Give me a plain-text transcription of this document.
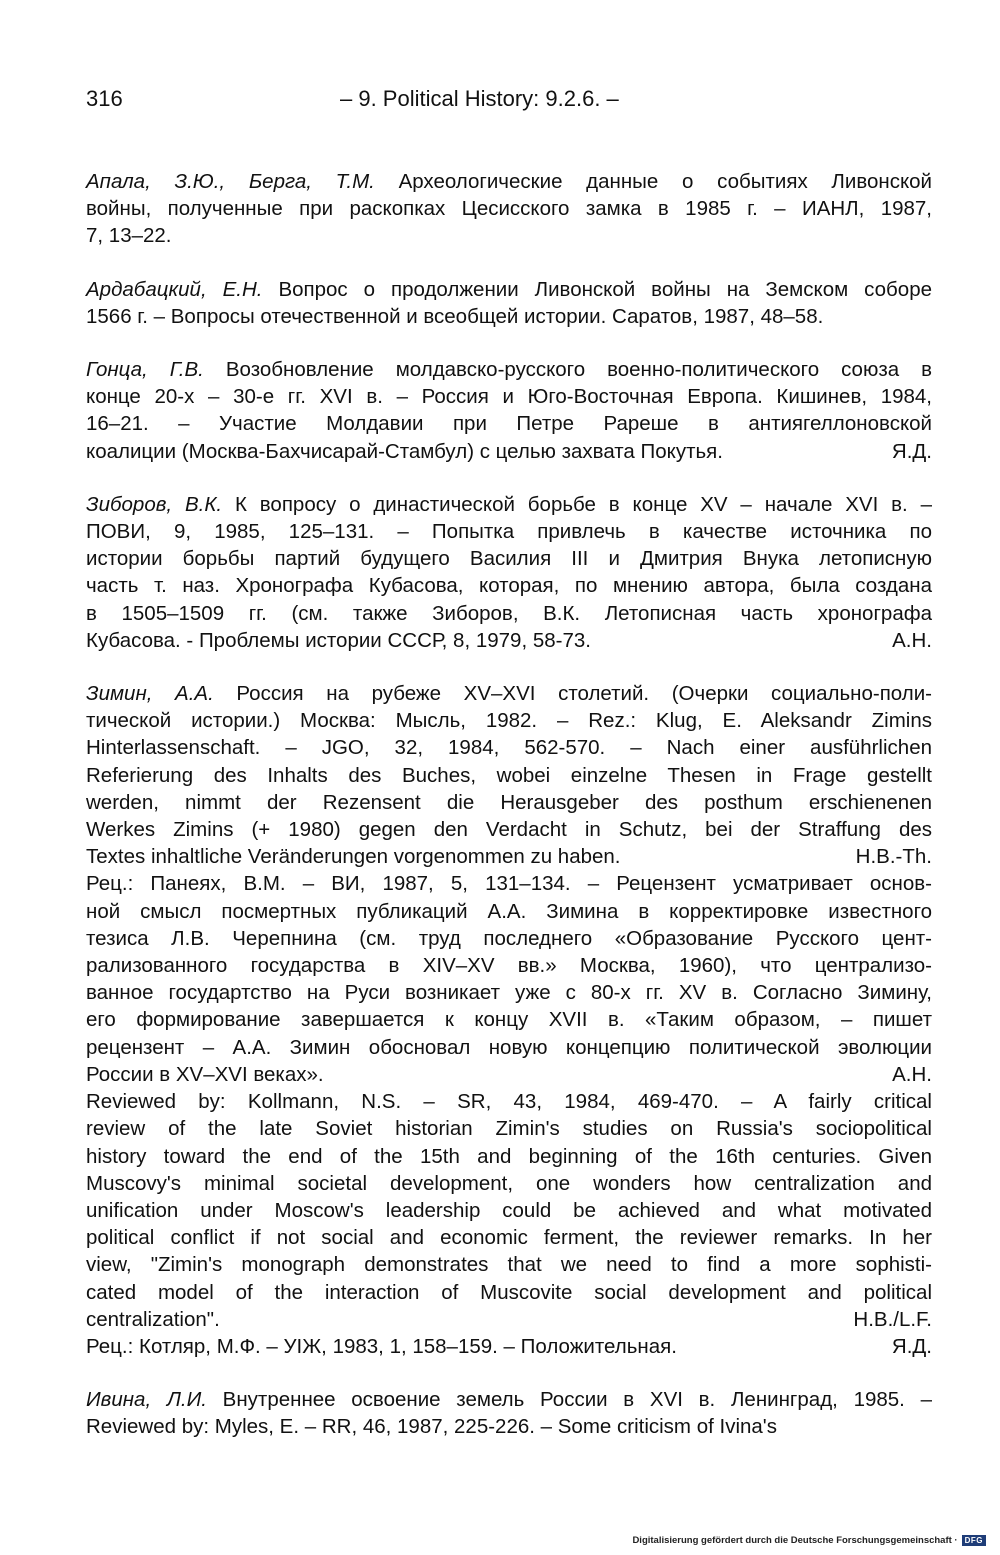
316	– 9. Political History: 9.2.6. –
Апала, З.Ю., Берга, Т.М. Археологические данные о событиях Ливонской
войны, полученные при раскопках Цесисского замка в 1985 г. – ИАНЛ, 1987,
7, 13–22.
Ардабацкий, Е.Н. Вопрос о продолжении Ливонской войны на Земском соборе
1566 г. – Вопросы отечественной и всеобщей истории. Саратов, 1987, 48–58.
Гонца, Г.В. Возобновление молдавско-русского военно-политического союза в
конце 20-х – 30-е гг. XVI в. – Россия и Юго-Восточная Европа. Кишинев, 1984,
16–21. – Участие Молдавии при Петре Рареше в антиягеллоновской
коалиции (Москва-Бахчисарай-Стамбул) с целью захвата Покутья.	Я.Д.
Зиборов, В.К. К вопросу о династической борьбе в конце XV – начале XVI в. –
ПОВИ, 9, 1985, 125–131. – Попытка привлечь в качестве источника по
истории борьбы партий будущего Василия III и Дмитрия Внука летописную
часть т. наз. Хронографа Кубасова, которая, по мнению автора, была создана
в 1505–1509 гг. (см. также Зиборов, В.К. Летописная часть хронографа
Кубасова. - Проблемы истории СССР, 8, 1979, 58-73.	А.Н.
Зимин, А.А. Россия на рубеже XV–XVI столетий. (Очерки социально-поли-
тической истории.) Москва: Мысль, 1982. – Rez.: Klug, E. Aleksandr Zimins
Hinterlassenschaft. – JGO, 32, 1984, 562-570. – Nach einer ausführlichen
Referierung des Inhalts des Buches, wobei einzelne Thesen in Frage gestellt
werden, nimmt der Rezensent die Herausgeber des posthum erschienenen
Werkes Zimins (+ 1980) gegen den Verdacht in Schutz, bei der Straffung des
Textes inhaltliche Veränderungen vorgenommen zu haben.	Н.В.-Th.
Рец.: Панеях, В.М. – ВИ, 1987, 5, 131–134. – Рецензент усматривает основ-
ной смысл посмертных публикаций А.А. Зимина в корректировке известного
тезиса Л.В. Черепнина (см. труд последнего «Образование Русского цент-
рализованного государства в XIV–XV вв.» Москва, 1960), что централизо-
ванное государтство на Руси возникает уже с 80-х гг. XV в. Согласно Зимину,
его формирование завершается к концу XVII в. «Таким образом, – пишет
рецензент – А.А. Зимин обосновал новую концепцию политической эволюции
России в XV–XVI веках».	А.Н.
Reviewed by: Kollmann, N.S. – SR, 43, 1984, 469-470. – A fairly critical
review of the late Soviet historian Zimin's studies on Russia's sociopolitical
history toward the end of the 15th and beginning of the 16th centuries. Given
Muscovy's minimal societal development, one wonders how centralization and
unification under Moscow's leadership could be achieved and what motivated
political conflict if not social and economic ferment, the reviewer remarks. In her
view, "Zimin's monograph demonstrates that we need to find a more sophisti-
cated model of the interaction of Muscovite social development and political
centralization".	Н.В./L.F.
Рец.: Котляр, М.Ф. – УІЖ, 1983, 1, 158–159. – Положительная.	Я.Д.
Ивина, Л.И. Внутреннее освоение земель России в XVI в. Ленинград, 1985. –
Reviewed by: Myles, E. – RR, 46, 1987, 225-226. – Some criticism of Ivina's
Digitalisierung gefördert durch die Deutsche Forschungsgemeinschaft · DFG
